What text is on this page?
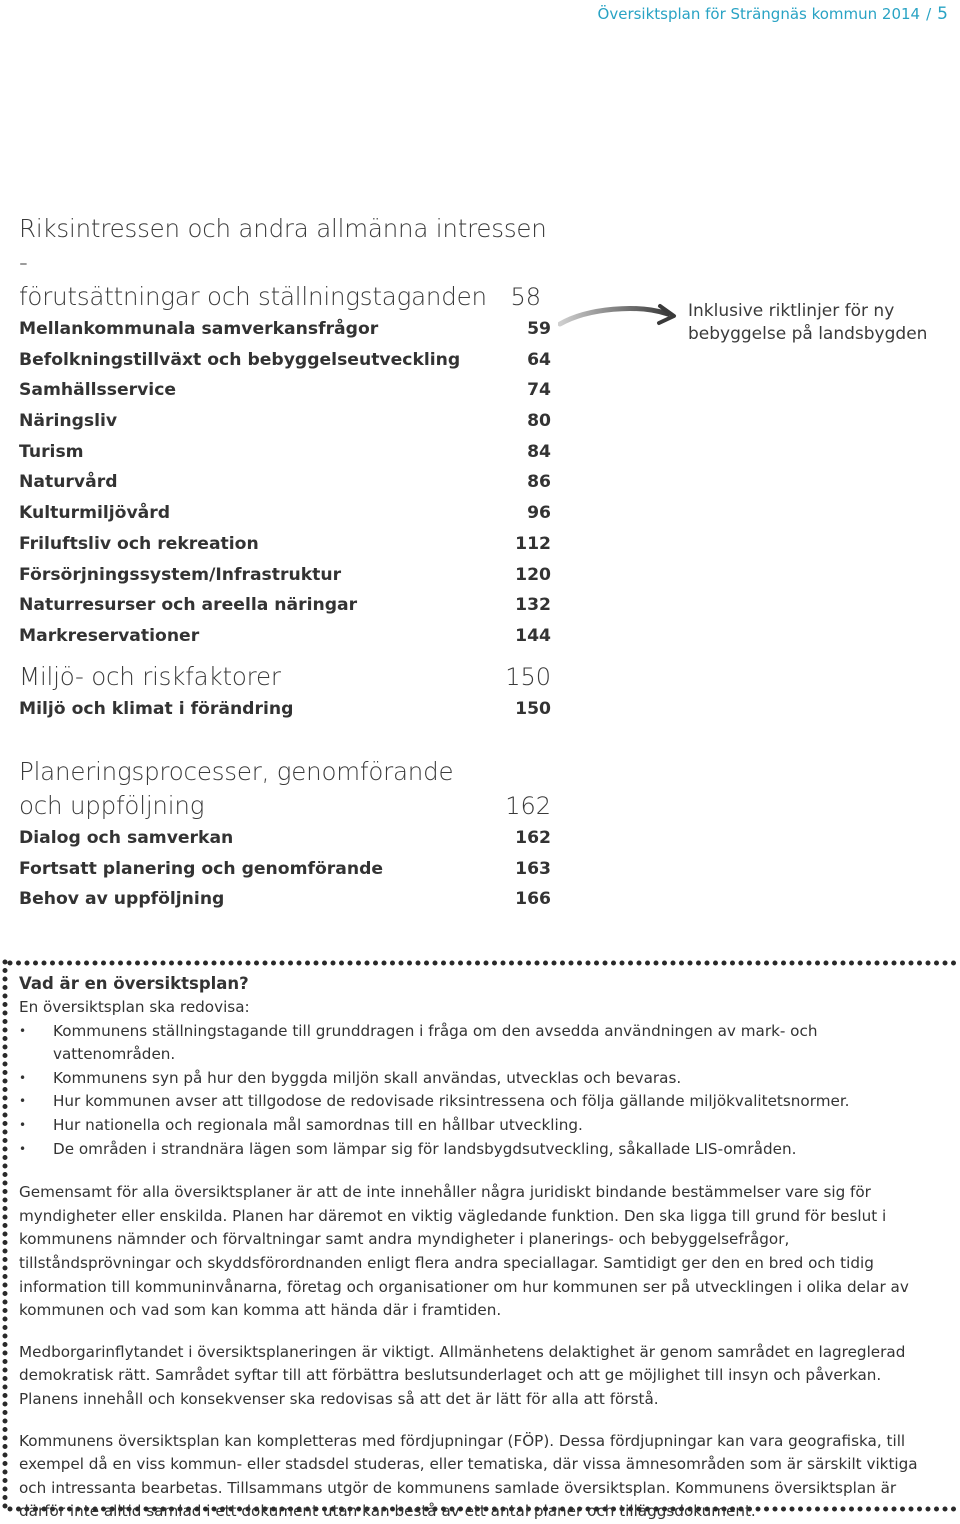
Översiktsplan för Strängnäs kommun 2014 / 5
Riksintressen och andra allmänna intressen -
förutsättningar och ställningstaganden 58
Mellankommunala samverkansfrågor	59
Befolkningstillväxt och bebyggelseutveckling	64
Samhällsservice	74
Näringsliv	80
Turism	84
Naturvård	86
Kulturmiljövård	96
Friluftsliv och rekreation	112
Försörjningssystem/Infrastruktur	120
Naturresurser och areella näringar	132
Markreservationer	144
Inklusive riktlinjer för ny
bebyggelse på landsbygden
Miljö- och riskfaktorer	150
Miljö och klimat i förändring	150
Planeringsprocesser, genomförande
och uppföljning	162
Dialog och samverkan	162
Fortsatt planering och genomförande	163
Behov av uppföljning	166
Vad är en översiktsplan?
En översiktsplan ska redovisa:
• Kommunens ställningstagande till grunddragen i fråga om den avsedda användningen av mark- och vattenområden.
• Kommunens syn på hur den byggda miljön skall användas, utvecklas och bevaras.
• Hur kommunen avser att tillgodose de redovisade riksintressena och följa gällande miljökvalitetsnormer.
• Hur nationella och regionala mål samordnas till en hållbar utveckling.
• De områden i strandnära lägen som lämpar sig för landsbygdsutveckling, såkallade LIS-områden.
Gemensamt för alla översiktsplaner är att de inte innehåller några juridiskt bindande bestämmelser vare sig för myndigheter eller enskilda. Planen har däremot en viktig vägledande funktion. Den ska ligga till grund för beslut i kommunens nämnder och förvaltningar samt andra myndigheter i planerings- och bebyggelsefrågor, tillståndsprövningar och skyddsförordnanden enligt flera andra speciallagar. Samtidigt ger den en bred och tidig information till kommuninvånarna, företag och organisationer om hur kommunen ser på utvecklingen i olika delar av kommunen och vad som kan komma att hända där i framtiden.
Medborgarinflytandet i översiktsplaneringen är viktigt. Allmänhetens delaktighet är genom samrådet en lagreglerad demokratisk rätt. Samrådet syftar till att förbättra beslutsunderlaget och att ge möjlighet till insyn och påverkan. Planens innehåll och konsekvenser ska redovisas så att det är lätt för alla att förstå.
Kommunens översiktsplan kan kompletteras med fördjupningar (FÖP). Dessa fördjupningar kan vara geografiska, till exempel då en viss kommun- eller stadsdel studeras, eller tematiska, där vissa ämnesområden som är särskilt viktiga och intressanta bearbetas. Tillsammans utgör de kommunens samlade översiktsplan. Kommunens översiktsplan är därför inte alltid samlad i ett dokument utan kan bestå av ett antal planer och tilläggsdokument.
